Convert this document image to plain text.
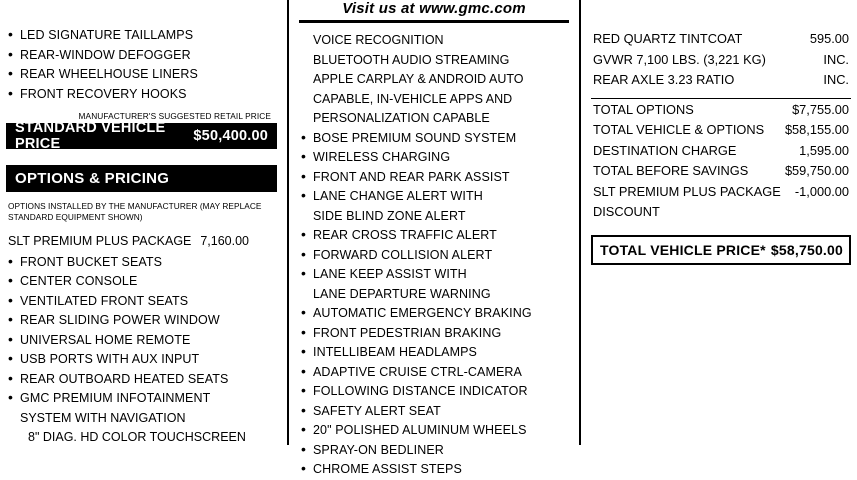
• LED SIGNATURE TAILLAMPS
• REAR-WINDOW DEFOGGER
• REAR WHEELHOUSE LINERS
• FRONT RECOVERY HOOKS
MANUFACTURER'S SUGGESTED RETAIL PRICE
STANDARD VEHICLE PRICE	$50,400.00
OPTIONS & PRICING
OPTIONS INSTALLED BY THE MANUFACTURER (MAY REPLACE STANDARD EQUIPMENT SHOWN)
SLT PREMIUM PLUS PACKAGE 7,160.00
• FRONT BUCKET SEATS
• CENTER CONSOLE
• VENTILATED FRONT SEATS
• REAR SLIDING POWER WINDOW
• UNIVERSAL HOME REMOTE
• USB PORTS WITH AUX INPUT
• REAR OUTBOARD HEATED SEATS
• GMC PREMIUM INFOTAINMENT
SYSTEM WITH NAVIGATION
8" DIAG. HD COLOR TOUCHSCREEN
Visit us at www.gmc.com
VOICE RECOGNITION
BLUETOOTH AUDIO STREAMING
APPLE CARPLAY & ANDROID AUTO
CAPABLE, IN-VEHICLE APPS AND
PERSONALIZATION CAPABLE
• BOSE PREMIUM SOUND SYSTEM
• WIRELESS CHARGING
• FRONT AND REAR PARK ASSIST
• LANE CHANGE ALERT WITH
SIDE BLIND ZONE ALERT
• REAR CROSS TRAFFIC ALERT
• FORWARD COLLISION ALERT
• LANE KEEP ASSIST WITH
LANE DEPARTURE WARNING
• AUTOMATIC EMERGENCY BRAKING
• FRONT PEDESTRIAN BRAKING
• INTELLIBEAM HEADLAMPS
• ADAPTIVE CRUISE CTRL-CAMERA
• FOLLOWING DISTANCE INDICATOR
• SAFETY ALERT SEAT
• 20" POLISHED ALUMINUM WHEELS
• SPRAY-ON BEDLINER
• CHROME ASSIST STEPS
RED QUARTZ TINTCOAT	595.00
GVWR 7,100 LBS. (3,221 KG)	INC.
REAR AXLE 3.23 RATIO	INC.
TOTAL OPTIONS	$7,755.00
TOTAL VEHICLE & OPTIONS $58,155.00
DESTINATION CHARGE	1,595.00
TOTAL BEFORE SAVINGS	$59,750.00
SLT PREMIUM PLUS PACKAGE -1,000.00
DISCOUNT
TOTAL VEHICLE PRICE* $58,750.00
